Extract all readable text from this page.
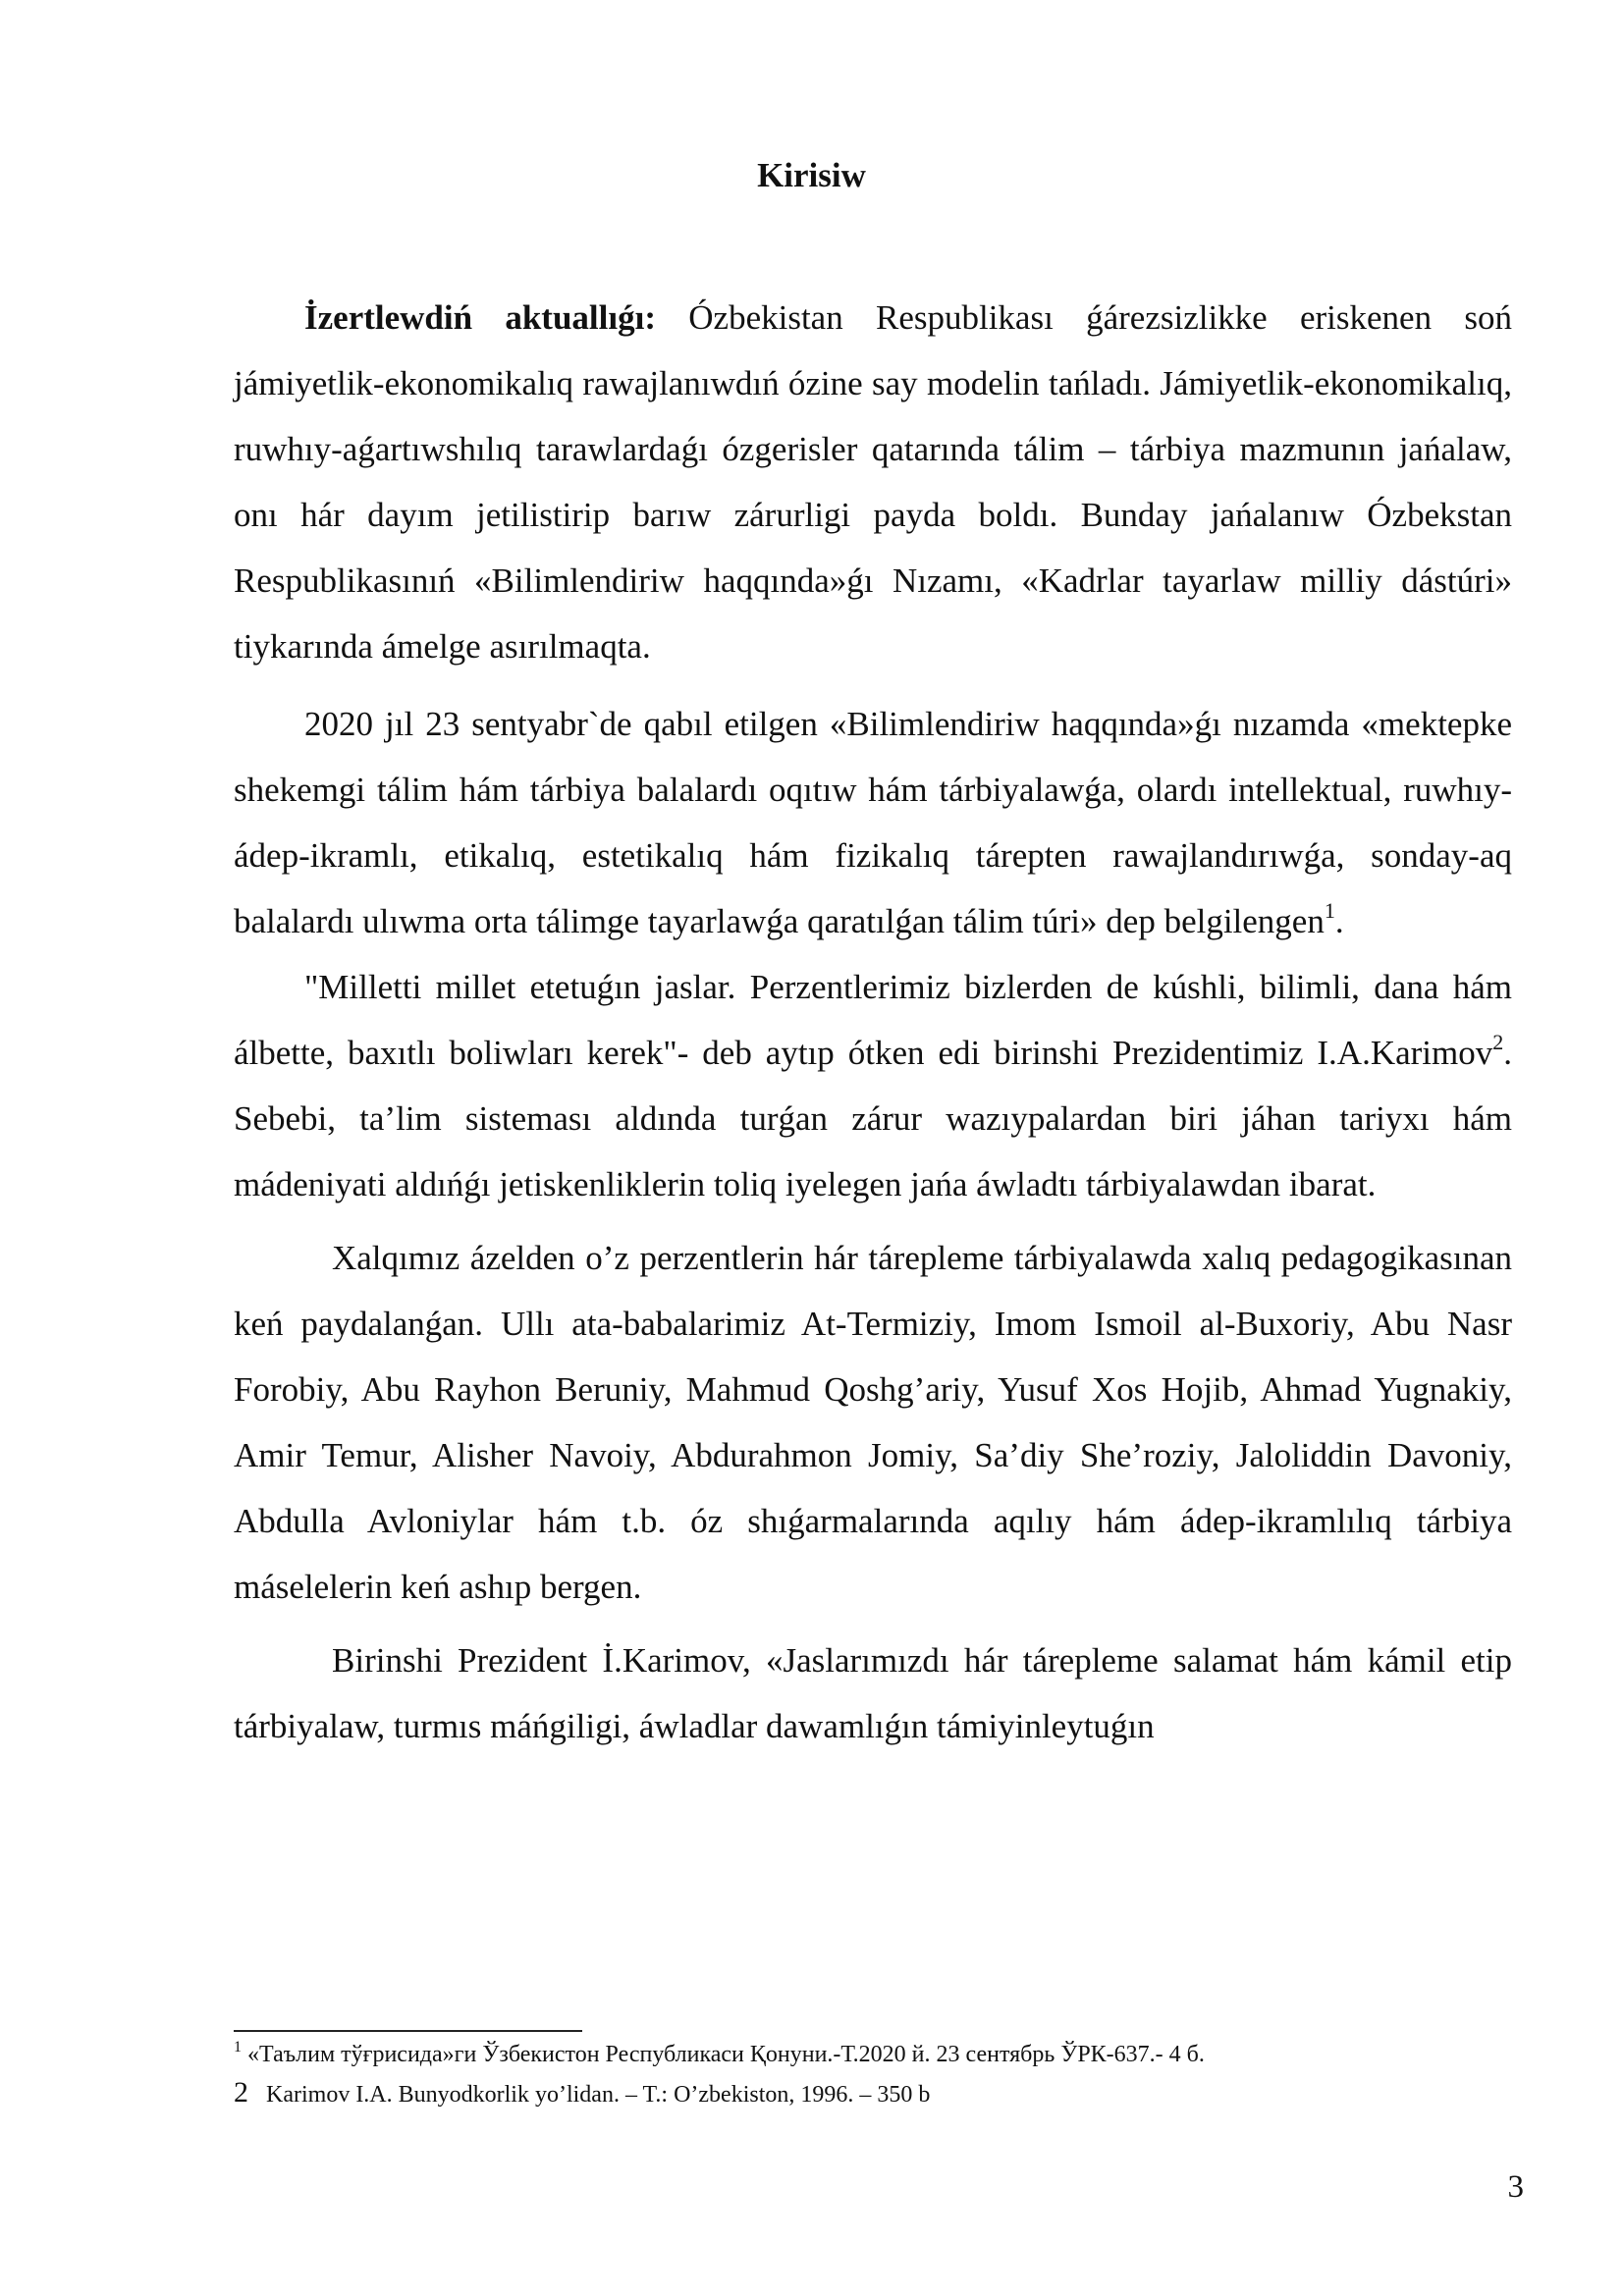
Kirisiw

İzertlewdiń aktuallıǵı: Ózbekistan Respublikası ǵárezsizlikke eriskenen soń jámiyetlik-ekonomikalıq rawajlanıwdıń ózine say modelin tańladı. Jámiyetlik-ekonomikalıq, ruwhıy-aǵartıwshılıq tarawlardaǵı ózgerisler qatarında tálim – tárbiya mazmunın jańalaw, onı hár dayım jetilistirip barıw zárurligi payda boldı. Bunday jańalanıw Ózbekstan Respublikasınıń «Bilimlendiriw haqqında»ǵı Nızamı, «Kadrlar tayarlaw milliy dástúri» tiykarında ámelge asırılmaqta.

2020 jıl 23 sentyabr`de qabıl etilgen «Bilimlendiriw haqqında»ǵı nızamda «mektepke shekemgi tálim hám tárbiya balalardı oqıtıw hám tárbiyalawǵa, olardı intellektual, ruwhıy-ádep-ikramlı, etikalıq, estetikalıq hám fizikalıq tárepten rawajlandırıwǵa, sonday-aq balalardı ulıwma orta tálimge tayarlawǵa qaratılǵan tálim túri» dep belgilengen$^1$.

"Milletti millet etetuǵın jaslar. Perzentlerimiz bizlerden de kúshli, bilimli, dana hám álbette, baxıtlı boliwları kerek"- deb aytıp ótken edi birinshi Prezidentimiz I.A.Karimov$^2$. Sebebi, ta’lim sisteması aldında turǵan zárur wazıypalardan biri jáhan tariyxı hám mádeniyati aldıńǵı jetiskenliklerin toliq iyelegen jańa áwladtı tárbiyalawdan ibarat.

Xalqımız ázelden o’z perzentlerin hár tárepleme tárbiyalawda xalıq pedagogikasınan keń paydalanǵan. Ullı ata-babalarimiz At-Termiziy, Imom Ismoil al-Buxoriy, Abu Nasr Forobiy, Abu Rayhon Beruniy, Mahmud Qoshg’ariy, Yusuf Xos Hojib, Ahmad Yugnakiy, Amir Temur, Alisher Navoiy, Abdurahmon Jomiy, Sa’diy She’roziy, Jaloliddin Davoniy, Abdulla Avloniylar hám t.b. óz shıǵarmalarında aqılıy hám ádep-ikramlılıq tárbiya máselelerin keń ashıp bergen.

Birinshi Prezident İ.Karimov, «Jaslarımızdı hár tárepleme salamat hám kámil etip tárbiyalaw, turmıs máńgiligi, áwladlar dawamlıǵın támiyinleytuǵın

$^1$ «Таълим тўғрисида»ги Ўзбекистон Республикаси Қонуни.-Т.2020 й. 23 сентябрь ЎРК-637.- 4 б.
2 Karimov I.A. Bunyodkorlik yo’lidan. – T.: O’zbekiston, 1996. – 350 b
3
